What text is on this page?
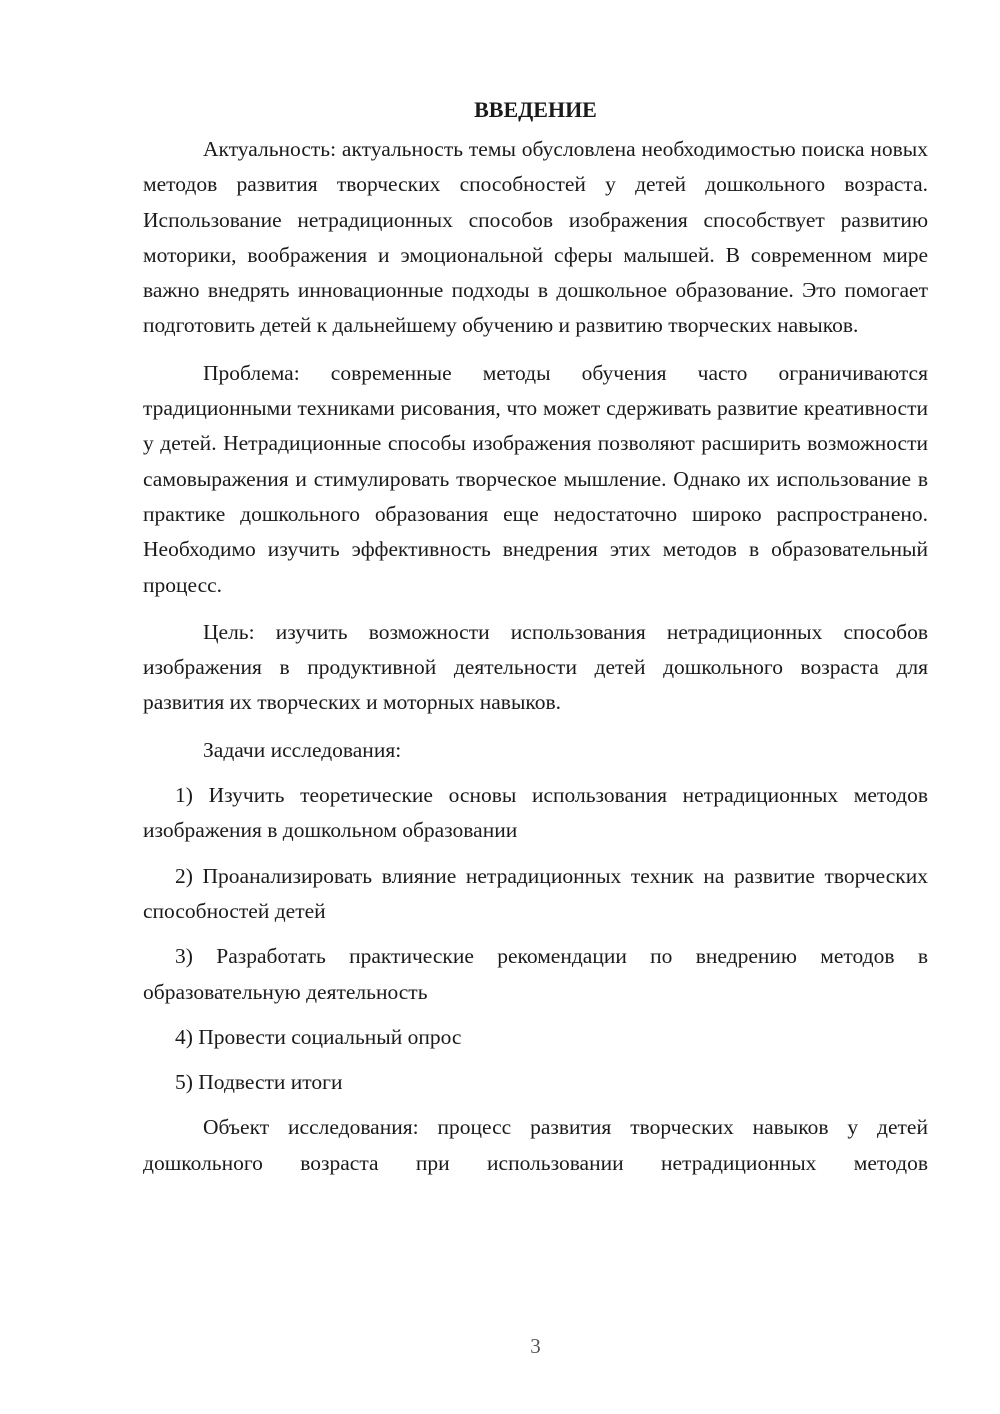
ВВЕДЕНИЕ

Актуальность: актуальность темы обусловлена необходимостью поиска новых методов развития творческих способностей у детей дошкольного возраста. Использование нетрадиционных способов изображения способствует развитию моторики, воображения и эмоциональной сферы малышей. В современном мире важно внедрять инновационные подходы в дошкольное образование. Это помогает подготовить детей к дальнейшему обучению и развитию творческих навыков.

Проблема: современные методы обучения часто ограничиваются традиционными техниками рисования, что может сдерживать развитие креативности у детей. Нетрадиционные способы изображения позволяют расширить возможности самовыражения и стимулировать творческое мышление. Однако их использование в практике дошкольного образования еще недостаточно широко распространено. Необходимо изучить эффективность внедрения этих методов в образовательный процесс.

Цель: изучить возможности использования нетрадиционных способов изображения в продуктивной деятельности детей дошкольного возраста для развития их творческих и моторных навыков.

Задачи исследования:

1) Изучить теоретические основы использования нетрадиционных методов изображения в дошкольном образовании

2) Проанализировать влияние нетрадиционных техник на развитие творческих способностей детей

3) Разработать практические рекомендации по внедрению методов в образовательную деятельность

4) Провести социальный опрос

5) Подвести итоги

Объект исследования: процесс развития творческих навыков у детей дошкольного возраста при использовании нетрадиционных методов

3
